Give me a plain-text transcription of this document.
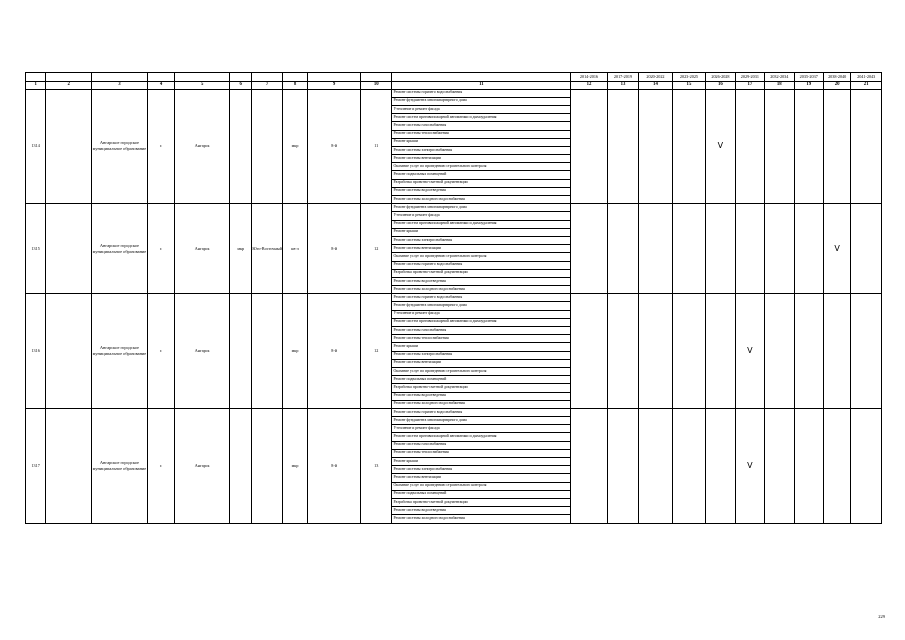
											2014-2016	2017-2019	2020-2022	2023-2025	2026-2028	2029-2031	2032-2034	2035-2037	2038-2040	2041-2043
1	2	3	4	5	6	7	8	9	10	11	12	13	14	15	16	17	18	19	20	21
1314		Ангарское городское муниципальное образование	г.	Ангарск			мкр	8-й	11	Ремонт системы горячего водоснабжения					V					
										Ремонт фундамента многоквартирного дома										
										Утепление и ремонт фасада										
										Ремонт систем противопожарной автоматики и дымоудаления										
										Ремонт системы газоснабжения										
										Ремонт системы теплоснабжения										
										Ремонт крыши										
										Ремонт системы электроснабжения										
										Ремонт системы вентиляции										
										Оказание услуг по проведению строительного контроля										
										Ремонт подвальных помещений										
										Разработка проектно-сметной документации										
										Ремонт системы водоотведения										
										Ремонт системы холодного водоснабжения										
1315		Ангарское городское муниципальное образование	г.	Ангарск	мкр	Юго-Восточный	кв-л	8-й	12	Ремонт фундамента многоквартирного дома									V	
										Утепление и ремонт фасада										
										Ремонт систем противопожарной автоматики и дымоудаления										
										Ремонт крыши										
										Ремонт системы электроснабжения										
										Ремонт системы вентиляции										
										Оказание услуг по проведению строительного контроля										
										Ремонт системы горячего водоснабжения										
										Разработка проектно-сметной документации										
										Ремонт системы водоотведения										
										Ремонт системы холодного водоснабжения										
1316		Ангарское городское муниципальное образование	г.	Ангарск			мкр	8-й	12	Ремонт системы горячего водоснабжения						V				
										Ремонт фундамента многоквартирного дома										
										Утепление и ремонт фасада										
										Ремонт систем противопожарной автоматики и дымоудаления										
										Ремонт системы газоснабжения										
										Ремонт системы теплоснабжения										
										Ремонт крыши										
										Ремонт системы электроснабжения										
										Ремонт системы вентиляции										
										Оказание услуг по проведению строительного контроля										
										Ремонт подвальных помещений										
										Разработка проектно-сметной документации										
										Ремонт системы водоотведения										
										Ремонт системы холодного водоснабжения										
1317		Ангарское городское муниципальное образование	г.	Ангарск			мкр	8-й	13	Ремонт системы горячего водоснабжения						V				
										Ремонт фундамента многоквартирного дома										
										Утепление и ремонт фасада										
										Ремонт систем противопожарной автоматики и дымоудаления										
										Ремонт системы газоснабжения										
										Ремонт системы теплоснабжения										
										Ремонт крыши										
										Ремонт системы электроснабжения										
										Ремонт системы вентиляции										
										Оказание услуг по проведению строительного контроля										
										Ремонт подвальных помещений										
										Разработка проектно-сметной документации										
										Ремонт системы водоотведения										
										Ремонт системы холодного водоснабжения										
229
